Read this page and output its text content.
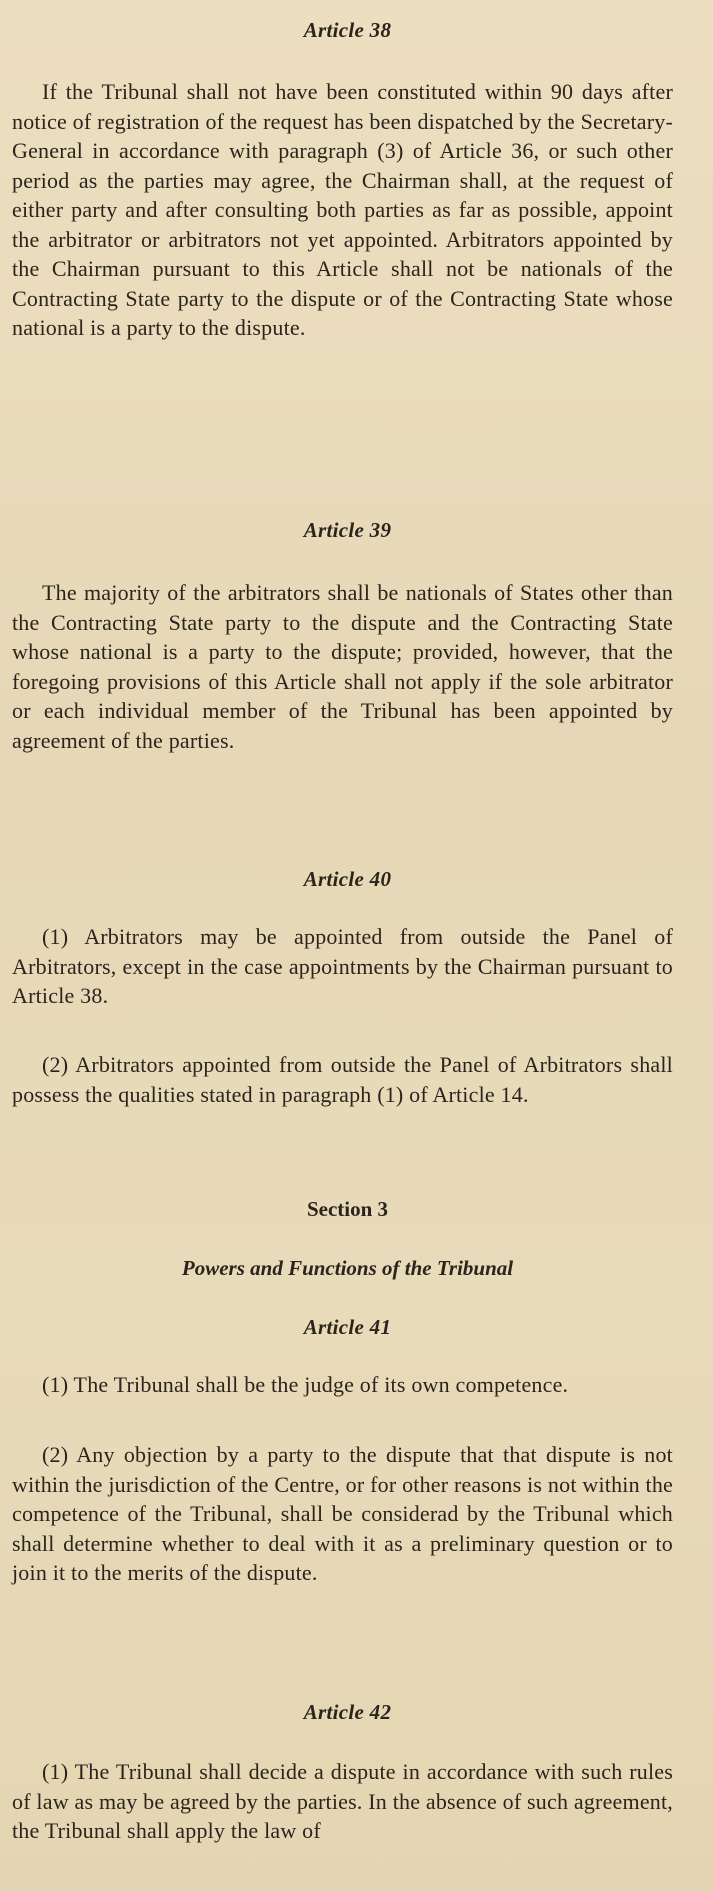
Article 38

If the Tribunal shall not have been constituted within 90 days after notice of registration of the request has been dispatched by the Secretary-General in accordance with paragraph (3) of Article 36, or such other period as the parties may agree, the Chairman shall, at the request of either party and after consulting both parties as far as possible, appoint the arbitrator or arbitrators not yet appointed. Arbitrators appointed by the Chairman pursuant to this Article shall not be nationals of the Contracting State party to the dispute or of the Contracting State whose national is a party to the dispute.

Article 39

The majority of the arbitrators shall be nationals of States other than the Contracting State party to the dispute and the Contracting State whose national is a party to the dispute; provided, however, that the foregoing provisions of this Article shall not apply if the sole arbitrator or each individual member of the Tribunal has been appointed by agreement of the parties.

Article 40

(1) Arbitrators may be appointed from outside the Panel of Arbitrators, except in the case appointments by the Chairman pursuant to Article 38.

(2) Arbitrators appointed from outside the Panel of Arbitrators shall possess the qualities stated in paragraph (1) of Article 14.

Section 3
Powers and Functions of the Tribunal
Article 41

(1) The Tribunal shall be the judge of its own competence.

(2) Any objection by a party to the dispute that that dispute is not within the jurisdiction of the Centre, or for other reasons is not within the competence of the Tribunal, shall be considerad by the Tribunal which shall determine whether to deal with it as a preliminary question or to join it to the merits of the dispute.

Article 42

(1) The Tribunal shall decide a dispute in accordance with such rules of law as may be agreed by the parties. In the absence of such agreement, the Tribunal shall apply the law of
